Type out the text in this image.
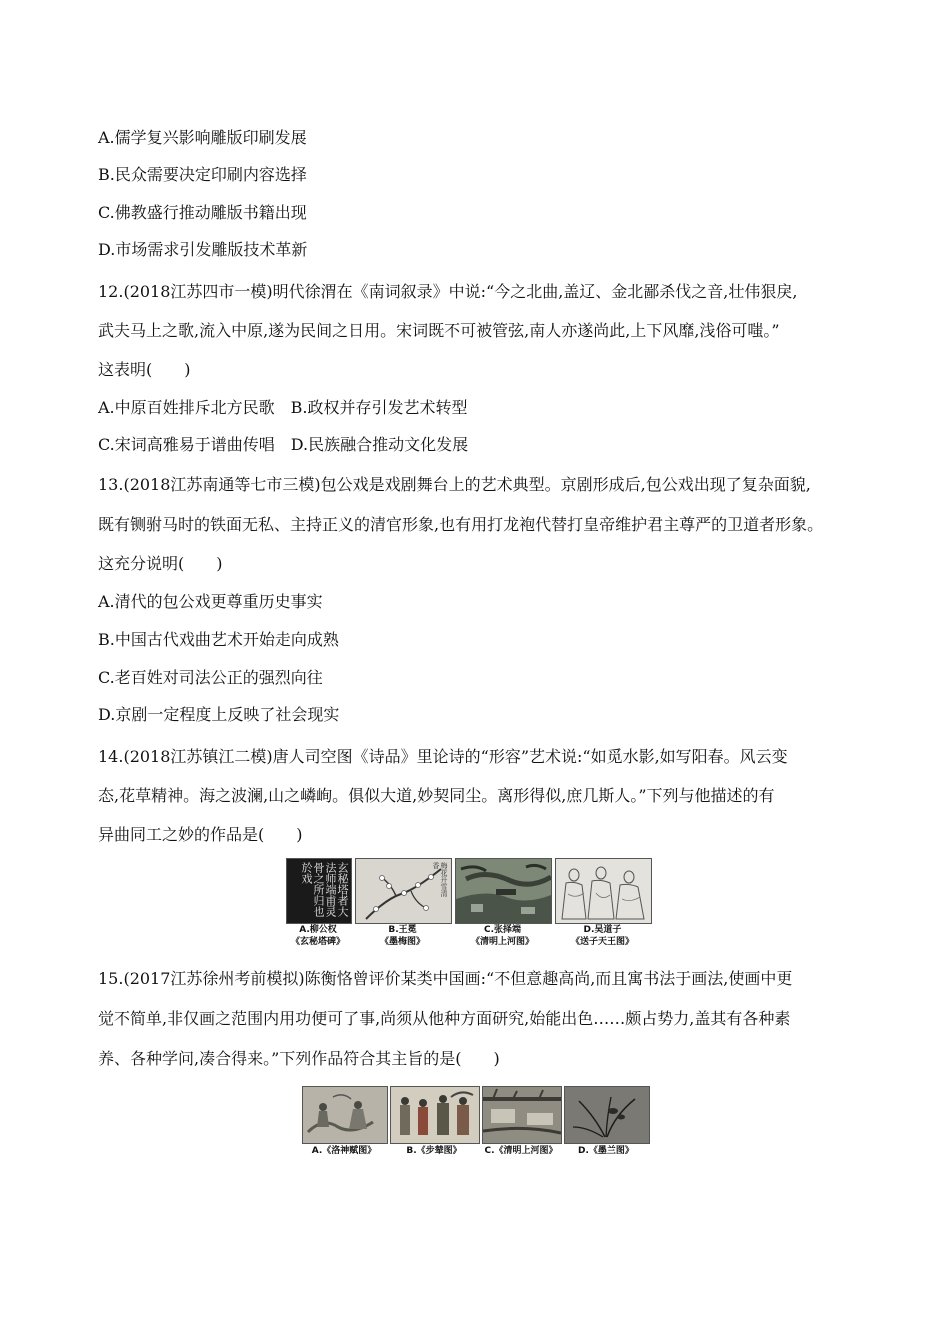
A.儒学复兴影响雕版印刷发展
B.民众需要决定印刷内容选择
C.佛教盛行推动雕版书籍出现
D.市场需求引发雕版技术革新
12.(2018江苏四市一模)明代徐渭在《南词叙录》中说:“今之北曲,盖辽、金北鄙杀伐之音,壮伟狠戾,
武夫马上之歌,流入中原,遂为民间之日用。宋词既不可被管弦,南人亦遂尚此,上下风靡,浅俗可嗤。”
这表明(　　)
A.中原百姓排斥北方民歌　B.政权并存引发艺术转型
C.宋词高雅易于谱曲传唱　D.民族融合推动文化发展
13.(2018江苏南通等七市三模)包公戏是戏剧舞台上的艺术典型。京剧形成后,包公戏出现了复杂面貌,
既有铡驸马时的铁面无私、主持正义的清官形象,也有用打龙袍代替打皇帝维护君主尊严的卫道者形象。
这充分说明(　　)
A.清代的包公戏更尊重历史事实
B.中国古代戏曲艺术开始走向成熟
C.老百姓对司法公正的强烈向往
D.京剧一定程度上反映了社会现实
14.(2018江苏镇江二模)唐人司空图《诗品》里论诗的“形容”艺术说:“如觅水影,如写阳春。风云变
态,花草精神。海之波澜,山之嶙峋。俱似大道,妙契同尘。离形得似,庶几斯人。”下列与他描述的有
异曲同工之妙的作品是(　　)
玄秘塔者大法师端甫灵骨之所归也於戏
梅花开雪清香
A.柳公权
《玄秘塔碑》
B.王冕
《墨梅图》
C.张择端
《清明上河图》
D.吴道子
《送子天王图》
15.(2017江苏徐州考前模拟)陈衡恪曾评价某类中国画:“不但意趣高尚,而且寓书法于画法,使画中更
觉不简单,非仅画之范围内用功便可了事,尚须从他种方面研究,始能出色……颇占势力,盖其有各种素
养、各种学问,凑合得来。”下列作品符合其主旨的是(　　)
A.《洛神赋图》	B.《步辇图》	C.《清明上河图》	D.《墨兰图》
